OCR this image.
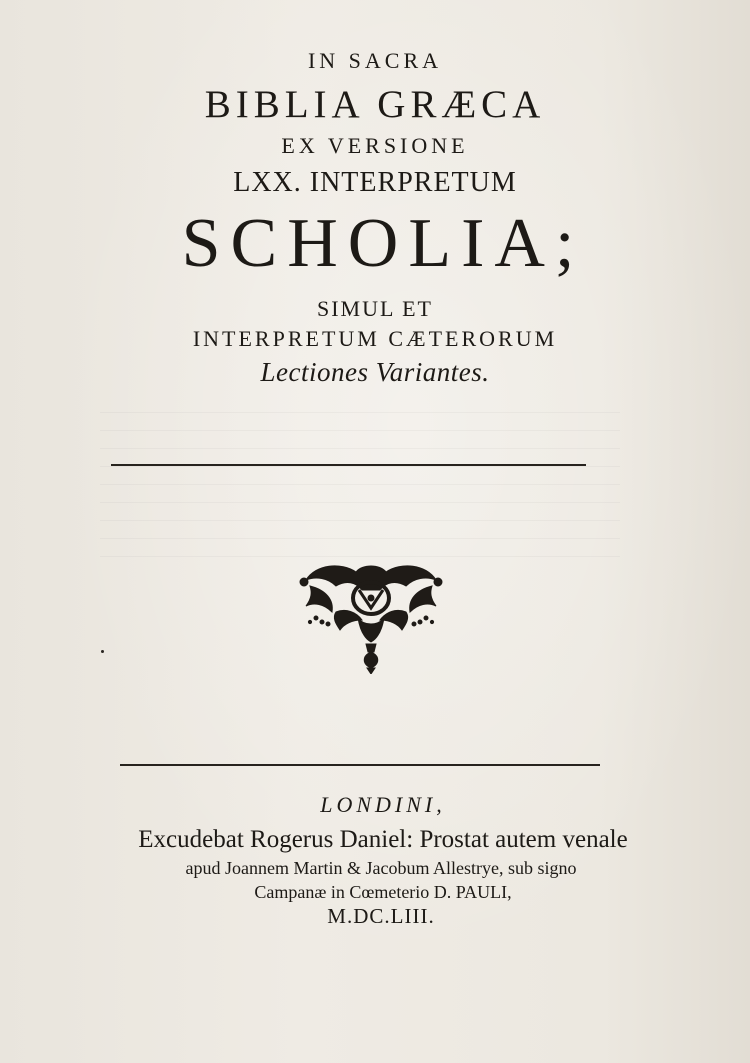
IN SACRA
BIBLIA GRÆCA
EX VERSIONE
LXX. INTERPRETUM
SCHOLIA;
SIMUL ET
INTERPRETUM CÆTERORUM
Lectiones Variantes.
LONDINI,
Excudebat Rogerus Daniel: Prostat autem venale
apud Joannem Martin & Jacobum Allestrye, sub signo
Campanæ in Cœmeterio D. PAULI,
M.DC.LIII.
